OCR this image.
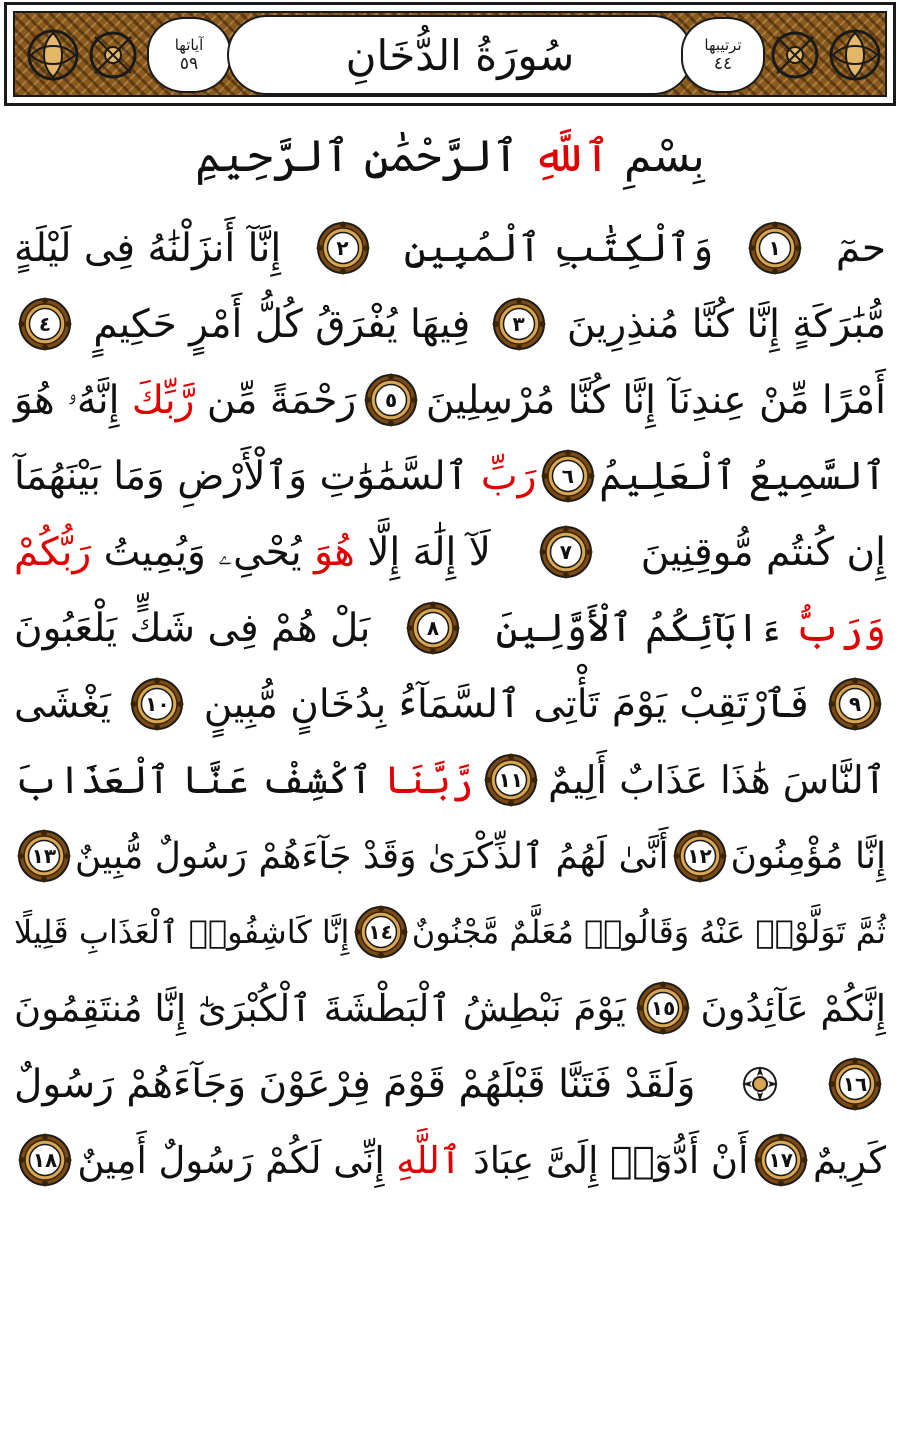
آياتها
٥٩	سُورَةُ الدُّخَانِ	ترتيبها
٤٤
بِسْمِ

ٱللَّهِ

ٱلرَّحْمَٰنِ ٱلرَّحِيمِ
حمٓ
١
وَٱلْكِتَٰبِ ٱلْمُبِينِ
٢
إِنَّآ أَنزَلْنَٰهُ فِى لَيْلَةٍ
مُّبَٰرَكَةٍ إِنَّا كُنَّا مُنذِرِينَ
٣
فِيهَا يُفْرَقُ كُلُّ أَمْرٍ حَكِيمٍ
٤
أَمْرًا مِّنْ عِندِنَآ إِنَّا كُنَّا مُرْسِلِينَ
٥
رَحْمَةً مِّن رَّبِّكَ إِنَّهُۥ هُوَ
ٱلسَّمِيعُ ٱلْعَلِيمُ
٦
رَبِّ ٱلسَّمَٰوَٰتِ وَٱلْأَرْضِ وَمَا بَيْنَهُمَآ
إِن كُنتُم مُّوقِنِينَ
٧
لَآ إِلَٰهَ إِلَّا هُوَ يُحْىِۦ وَيُمِيتُ رَبُّكُمْ
وَرَبُّ ءَابَآئِكُمُ ٱلْأَوَّلِينَ
٨
بَلْ هُمْ فِى شَكٍّ يَلْعَبُونَ
٩
فَٱرْتَقِبْ يَوْمَ تَأْتِى ٱلسَّمَآءُ بِدُخَانٍ مُّبِينٍ
١٠
يَغْشَى
ٱلنَّاسَ هَٰذَا عَذَابٌ أَلِيمٌ
١١
رَّبَّنَا ٱكْشِفْ عَنَّا ٱلْعَذَابَ
إِنَّا مُؤْمِنُونَ
١٢
أَنَّىٰ لَهُمُ ٱلذِّكْرَىٰ وَقَدْ جَآءَهُمْ رَسُولٌ مُّبِينٌ
١٣
ثُمَّ تَوَلَّوْا۟ عَنْهُ وَقَالُوا۟ مُعَلَّمٌ مَّجْنُونٌ
١٤
إِنَّا كَاشِفُوا۟ ٱلْعَذَابِ قَلِيلًا
إِنَّكُمْ عَآئِدُونَ
١٥
يَوْمَ نَبْطِشُ ٱلْبَطْشَةَ ٱلْكُبْرَىٰٓ إِنَّا مُنتَقِمُونَ
١٦
وَلَقَدْ فَتَنَّا قَبْلَهُمْ قَوْمَ فِرْعَوْنَ وَجَآءَهُمْ رَسُولٌ
كَرِيمٌ
١٧
أَنْ أَدُّوٓا۟ إِلَىَّ عِبَادَ ٱللَّهِ إِنِّى لَكُمْ رَسُولٌ أَمِينٌ
١٨
